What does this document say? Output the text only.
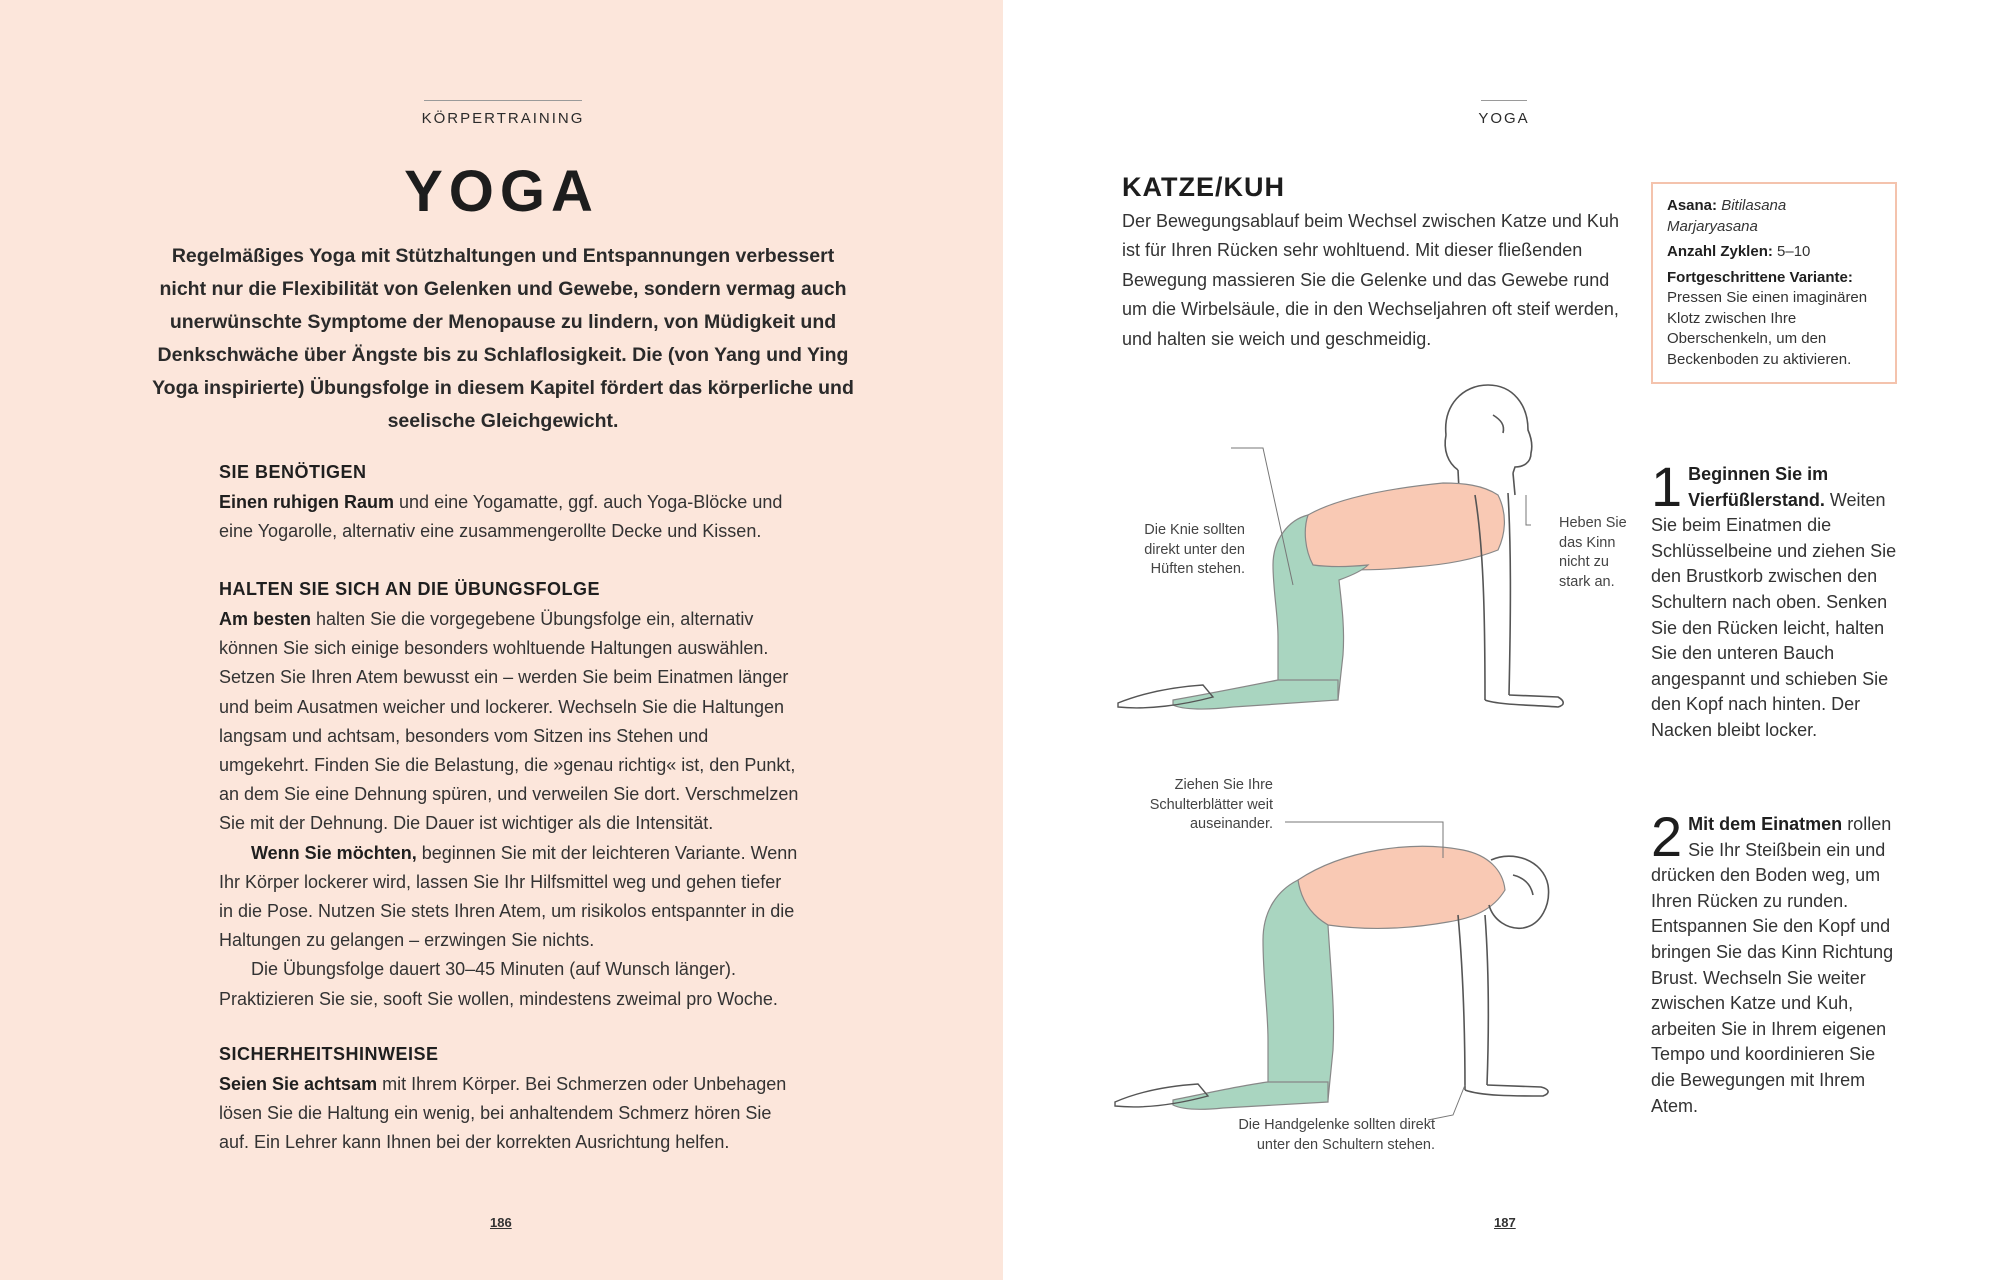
KÖRPERTRAINING
YOGA
Regelmäßiges Yoga mit Stützhaltungen und Entspannungen verbessert nicht nur die Flexibilität von Gelenken und Gewebe, sondern vermag auch unerwünschte Symptome der Menopause zu lindern, von Müdigkeit und Denkschwäche über Ängste bis zu Schlaflosigkeit. Die (von Yang und Ying Yoga inspirierte) Übungsfolge in diesem Kapitel fördert das körperliche und seelische Gleichgewicht.
SIE BENÖTIGEN
Einen ruhigen Raum und eine Yogamatte, ggf. auch Yoga-Blöcke und eine Yogarolle, alternativ eine zusammengerollte Decke und Kissen.
HALTEN SIE SICH AN DIE ÜBUNGSFOLGE
Am besten halten Sie die vorgegebene Übungsfolge ein, alternativ können Sie sich einige besonders wohltuende Haltungen auswählen. Setzen Sie Ihren Atem bewusst ein – werden Sie beim Einatmen länger und beim Ausatmen weicher und lockerer. Wechseln Sie die Haltungen langsam und achtsam, besonders vom Sitzen ins Stehen und umgekehrt. Finden Sie die Belastung, die »genau richtig« ist, den Punkt, an dem Sie eine Dehnung spüren, und verweilen Sie dort. Verschmelzen Sie mit der Dehnung. Die Dauer ist wichtiger als die Intensität.
Wenn Sie möchten, beginnen Sie mit der leichteren Variante. Wenn Ihr Körper lockerer wird, lassen Sie Ihr Hilfsmittel weg und gehen tiefer in die Pose. Nutzen Sie stets Ihren Atem, um risikolos entspannter in die Haltungen zu gelangen – erzwingen Sie nichts.
Die Übungsfolge dauert 30–45 Minuten (auf Wunsch länger). Praktizieren Sie sie, sooft Sie wollen, mindestens zweimal pro Woche.
SICHERHEITSHINWEISE
Seien Sie achtsam mit Ihrem Körper. Bei Schmerzen oder Unbehagen lösen Sie die Haltung ein wenig, bei anhaltendem Schmerz hören Sie auf. Ein Lehrer kann Ihnen bei der korrekten Ausrichtung helfen.
186
YOGA
KATZE/KUH
Der Bewegungsablauf beim Wechsel zwischen Katze und Kuh ist für Ihren Rücken sehr wohltuend. Mit dieser fließenden Bewegung massieren Sie die Gelenke und das Gewebe rund um die Wirbelsäule, die in den Wechseljahren oft steif werden, und halten sie weich und geschmeidig.
Asana: Bitilasana Marjaryasana
Anzahl Zyklen: 5–10
Fortgeschrittene Variante:
Pressen Sie einen imaginären Klotz zwischen Ihre Oberschenkeln, um den Beckenboden zu aktivieren.
1 Beginnen Sie im Vierfüßlerstand. Weiten Sie beim Einatmen die Schlüsselbeine und ziehen Sie den Brustkorb zwischen den Schultern nach oben. Senken Sie den Rücken leicht, halten Sie den unteren Bauch angespannt und schieben Sie den Kopf nach hinten. Der Nacken bleibt locker.
2 Mit dem Einatmen rollen Sie Ihr Steißbein ein und drücken den Boden weg, um Ihren Rücken zu runden. Entspannen Sie den Kopf und bringen Sie das Kinn Richtung Brust. Wechseln Sie weiter zwischen Katze und Kuh, arbeiten Sie in Ihrem eigenen Tempo und koordinieren Sie die Bewegungen mit Ihrem Atem.
Die Knie sollten direkt unter den Hüften stehen.
Heben Sie das Kinn nicht zu stark an.
Ziehen Sie Ihre Schulterblätter weit auseinander.
Die Handgelenke sollten direkt unter den Schultern stehen.
187
